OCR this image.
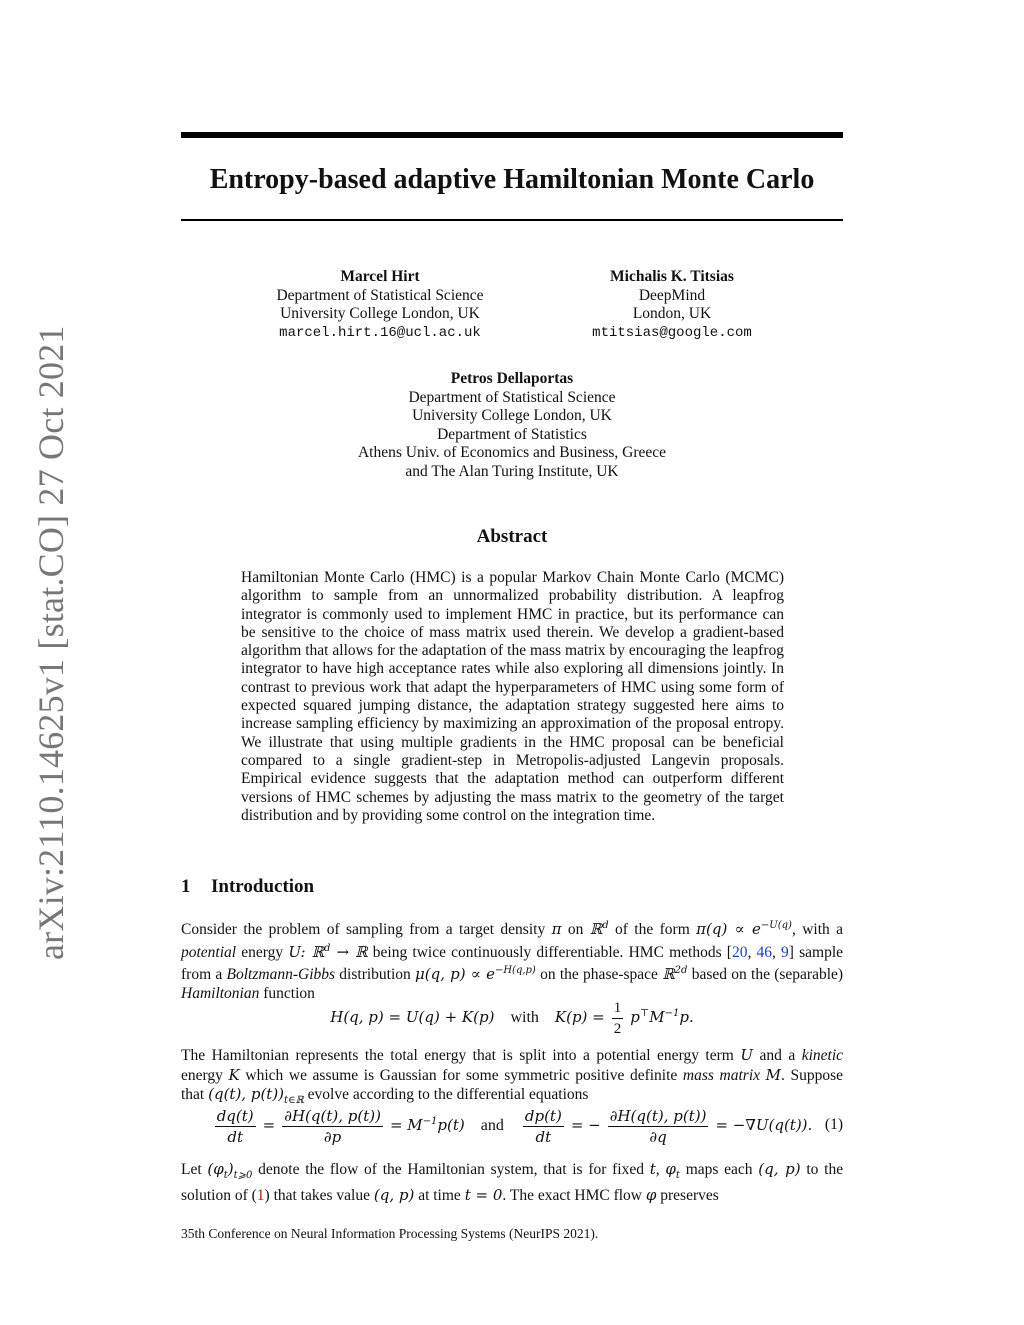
arXiv:2110.14625v1 [stat.CO] 27 Oct 2021
Entropy-based adaptive Hamiltonian Monte Carlo
Marcel Hirt
Department of Statistical Science
University College London, UK
marcel.hirt.16@ucl.ac.uk
Michalis K. Titsias
DeepMind
London, UK
mtitsias@google.com
Petros Dellaportas
Department of Statistical Science
University College London, UK
Department of Statistics
Athens Univ. of Economics and Business, Greece
and The Alan Turing Institute, UK
Abstract
Hamiltonian Monte Carlo (HMC) is a popular Markov Chain Monte Carlo (MCMC) algorithm to sample from an unnormalized probability distribution. A leapfrog integrator is commonly used to implement HMC in practice, but its performance can be sensitive to the choice of mass matrix used therein. We develop a gradient-based algorithm that allows for the adaptation of the mass matrix by encouraging the leapfrog integrator to have high acceptance rates while also exploring all dimensions jointly. In contrast to previous work that adapt the hyperparameters of HMC using some form of expected squared jumping distance, the adaptation strategy suggested here aims to increase sampling efficiency by maximizing an approximation of the proposal entropy. We illustrate that using multiple gradients in the HMC proposal can be beneficial compared to a single gradient-step in Metropolis-adjusted Langevin proposals. Empirical evidence suggests that the adaptation method can outperform different versions of HMC schemes by adjusting the mass matrix to the geometry of the target distribution and by providing some control on the integration time.
1 Introduction
Consider the problem of sampling from a target density π on ℝ$^d$ of the form $\pi(q) \propto e^{-U(q)}$, with a potential energy U: ℝ$^d$ → ℝ being twice continuously differentiable. HMC methods [20, 46, 9] sample from a Boltzmann-Gibbs distribution μ(q, $p) \propto e^{-H(q,p)}$ on the phase-space ℝ$^{2d}$ based on the (separable) Hamiltonian function
H(q, p) = U(q) + K(p) with $K(p) = \frac{1}{2} p^⊤M^{-1}p$.
The Hamiltonian represents the total energy that is split into a potential energy term U and a kinetic energy K which we assume is Gaussian for some symmetric positive definite mass matrix M. Suppose that (q(t), $p(t))_{t\in ℝ}$ evolve according to the differential equations
$\frac{dq(t)}{dt} = \frac{\partial H(q(t), p(t))}{\partial p} = M^{-1}p(t)$ and $\frac{dp(t)}{dt}$ = − $\frac{\partial H(q(t), p(t))}{\partial q} = -\nabla U(q(t))$. (1)
Let $(\varphi_t)_{t⩾0}$ denote the flow of the Hamiltonian system, that is for fixed t, $\varphi_t$ maps each (q, p) to the solution of (1) that takes value (q, p) at time t = 0. The exact HMC flow φ preserves
35th Conference on Neural Information Processing Systems (NeurIPS 2021).
